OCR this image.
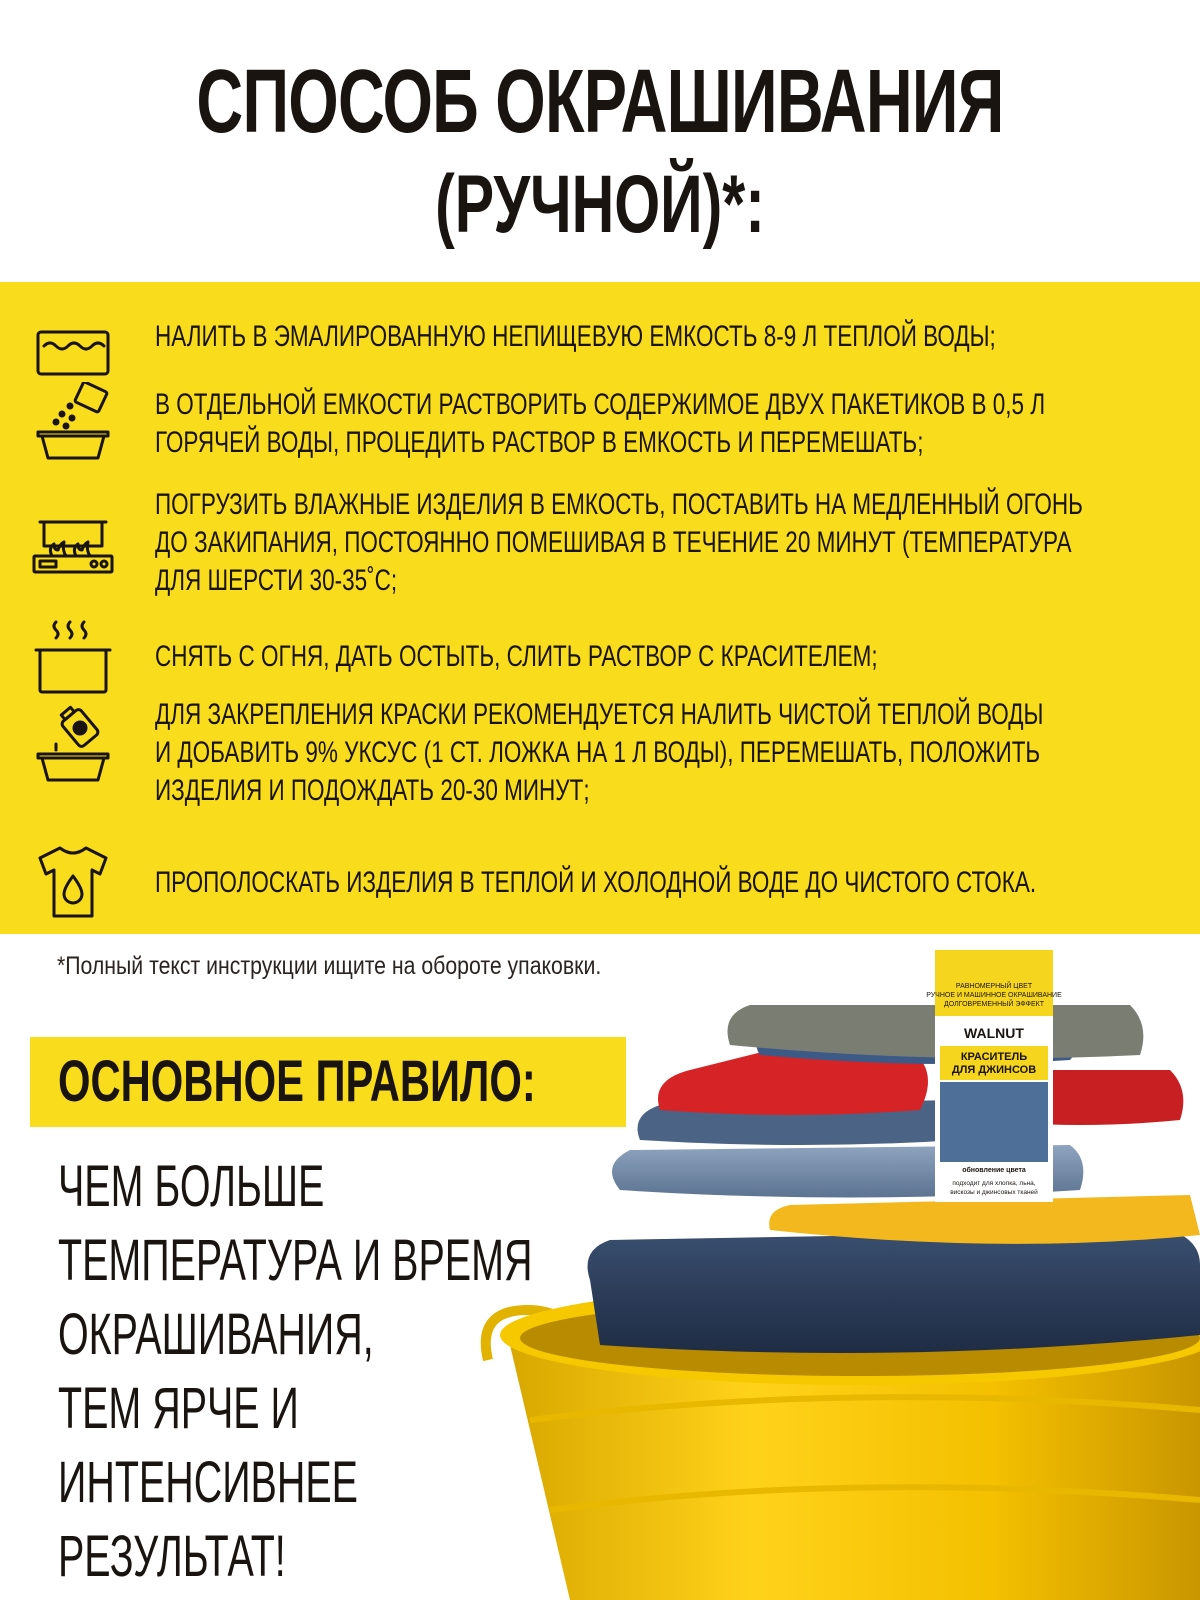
СПОСОБ ОКРАШИВАНИЯ
(РУЧНОЙ)*:
НАЛИТЬ В ЭМАЛИРОВАННУЮ НЕПИЩЕВУЮ ЕМКОСТЬ 8-9 Л ТЕПЛОЙ ВОДЫ;
В ОТДЕЛЬНОЙ ЕМКОСТИ РАСТВОРИТЬ СОДЕРЖИМОЕ ДВУХ ПАКЕТИКОВ В 0,5 Л
ГОРЯЧЕЙ ВОДЫ, ПРОЦЕДИТЬ РАСТВОР В ЕМКОСТЬ И ПЕРЕМЕШАТЬ;
ПОГРУЗИТЬ ВЛАЖНЫЕ ИЗДЕЛИЯ В ЕМКОСТЬ, ПОСТАВИТЬ НА МЕДЛЕННЫЙ ОГОНЬ
ДО ЗАКИПАНИЯ, ПОСТОЯННО ПОМЕШИВАЯ В ТЕЧЕНИЕ 20 МИНУТ (ТЕМПЕРАТУРА
ДЛЯ ШЕРСТИ 30-35˚С;
СНЯТЬ С ОГНЯ, ДАТЬ ОСТЫТЬ, СЛИТЬ РАСТВОР С КРАСИТЕЛЕМ;
ДЛЯ ЗАКРЕПЛЕНИЯ КРАСКИ РЕКОМЕНДУЕТСЯ НАЛИТЬ ЧИСТОЙ ТЕПЛОЙ ВОДЫ
И ДОБАВИТЬ 9% УКСУС (1 СТ. ЛОЖКА НА 1 Л ВОДЫ), ПЕРЕМЕШАТЬ, ПОЛОЖИТЬ
ИЗДЕЛИЯ И ПОДОЖДАТЬ 20-30 МИНУТ;
ПРОПОЛОСКАТЬ ИЗДЕЛИЯ В ТЕПЛОЙ И ХОЛОДНОЙ ВОДЕ ДО ЧИСТОГО СТОКА.
*Полный текст инструкции ищите на обороте упаковки.
РАВНОМЕРНЫЙ ЦВЕТ
РУЧНОЕ И МАШИННОЕ ОКРАШИВАНИЕ
ДОЛГОВРЕМЕННЫЙ ЭФФЕКТ
WALNUT
КРАСИТЕЛЬ
ДЛЯ ДЖИНСОВ
обновление цвета
подходит для хлопка, льна,
вискозы и джинсовых тканей
ОСНОВНОЕ ПРАВИЛО:
ЧЕМ БОЛЬШЕ
ТЕМПЕРАТУРА И ВРЕМЯ
ОКРАШИВАНИЯ,
ТЕМ ЯРЧЕ И
ИНТЕНСИВНЕЕ
РЕЗУЛЬТАТ!
